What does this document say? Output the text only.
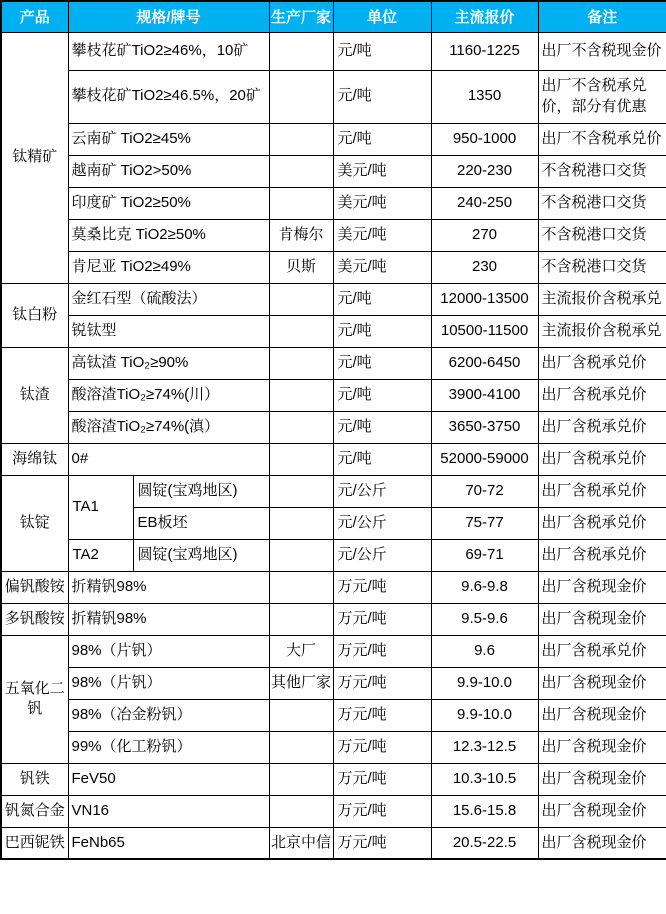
产品	规格/牌号		生产厂家	单位	主流报价	备注
钛精矿	攀枝花矿TiO2≥46%，10矿			元/吨	1160-1225	出厂不含税现金价
	攀枝花矿TiO2≥46.5%，20矿			元/吨	1350	出厂不含税承兑价，部分有优惠
	云南矿 TiO2≥45%			元/吨	950-1000	出厂不含税承兑价
	越南矿 TiO2>50%			美元/吨	220-230	不含税港口交货
	印度矿 TiO2≥50%			美元/吨	240-250	不含税港口交货
	莫桑比克 TiO2≥50%		肯梅尔	美元/吨	270	不含税港口交货
	肯尼亚 TiO2≥49%		贝斯	美元/吨	230	不含税港口交货
钛白粉	金红石型（硫酸法）			元/吨	12000-13500	主流报价含税承兑
	锐钛型			元/吨	10500-11500	主流报价含税承兑
钛渣	高钛渣 TiO₂≥90%			元/吨	6200-6450	出厂含税承兑价
	酸溶渣TiO₂≥74%(川）			元/吨	3900-4100	出厂含税承兑价
	酸溶渣TiO₂≥74%(滇）			元/吨	3650-3750	出厂含税承兑价
海绵钛	0#			元/吨	52000-59000	出厂含税承兑价
钛锭	TA1	圆锭(宝鸡地区)		元/公斤	70-72	出厂含税承兑价
		EB板坯		元/公斤	75-77	出厂含税承兑价
	TA2	圆锭(宝鸡地区)		元/公斤	69-71	出厂含税承兑价
偏钒酸铵	折精钒98%			万元/吨	9.6-9.8	出厂含税现金价
多钒酸铵	折精钒98%			万元/吨	9.5-9.6	出厂含税现金价
五氧化二钒	98%（片钒）		大厂	万元/吨	9.6	出厂含税承兑价
	98%（片钒）		其他厂家	万元/吨	9.9-10.0	出厂含税现金价
	98%（冶金粉钒）			万元/吨	9.9-10.0	出厂含税现金价
	99%（化工粉钒）			万元/吨	12.3-12.5	出厂含税现金价
钒铁	FeV50			万元/吨	10.3-10.5	出厂含税现金价
钒氮合金	VN16			万元/吨	15.6-15.8	出厂含税现金价
巴西铌铁	FeNb65		北京中信	万元/吨	20.5-22.5	出厂含税现金价
